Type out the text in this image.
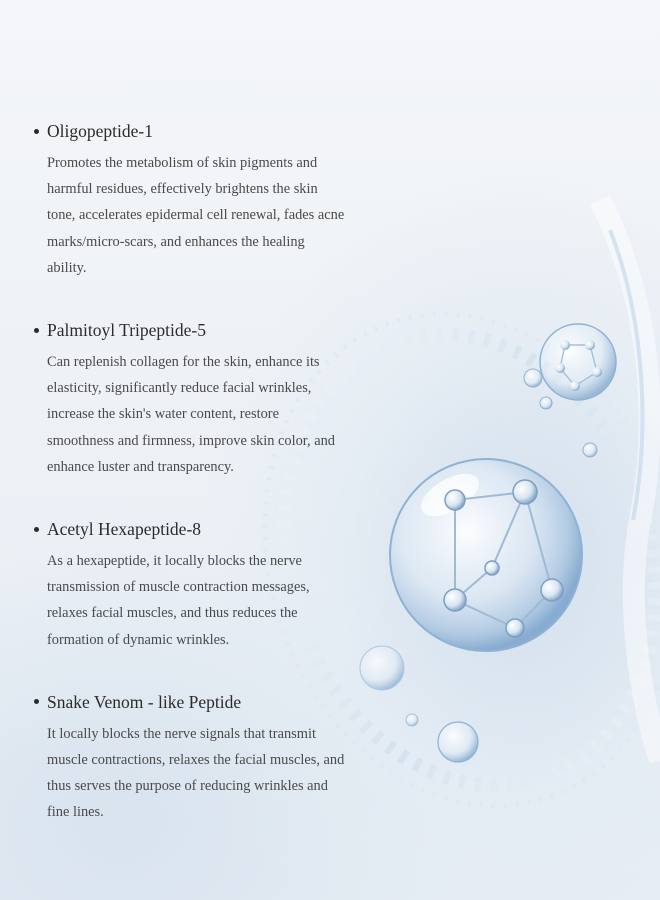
Oligopeptide-1

Promotes the metabolism of skin pigments and harmful residues, effectively brightens the skin tone, accelerates epidermal cell renewal, fades acne marks/micro-scars, and enhances the healing ability.

Palmitoyl Tripeptide-5

Can replenish collagen for the skin, enhance its elasticity, significantly reduce facial wrinkles, increase the skin's water content, restore smoothness and firmness, improve skin color, and enhance luster and transparency.

Acetyl Hexapeptide-8

As a hexapeptide, it locally blocks the nerve transmission of muscle contraction messages, relaxes facial muscles, and thus reduces the formation of dynamic wrinkles.

Snake Venom - like Peptide

It locally blocks the nerve signals that transmit muscle contractions, relaxes the facial muscles, and thus serves the purpose of reducing wrinkles and fine lines.
